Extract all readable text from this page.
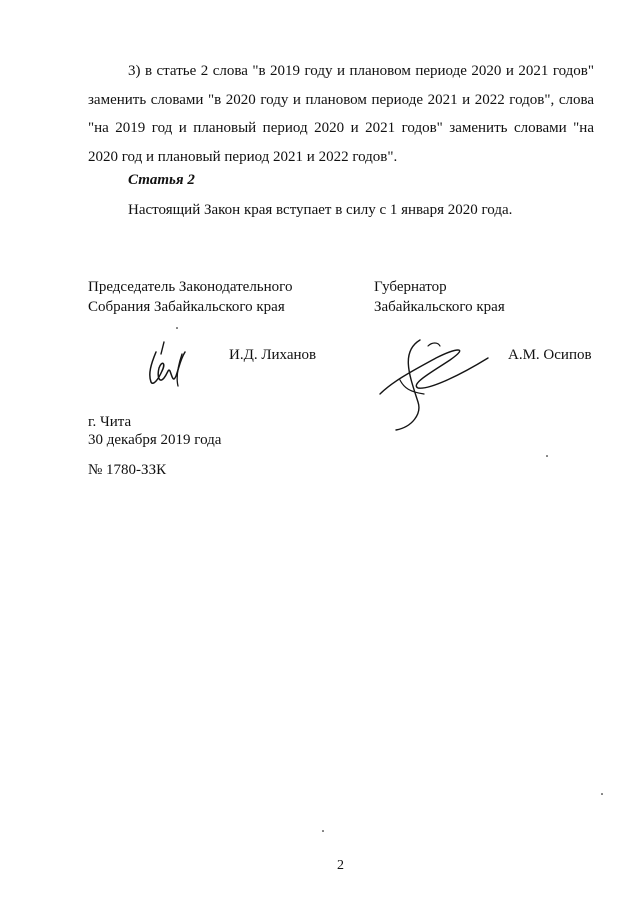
3) в статье 2 слова "в 2019 году и плановом периоде 2020 и 2021 годов" заменить словами "в 2020 году и плановом периоде 2021 и 2022 годов", слова "на 2019 год и плановый период 2020 и 2021 годов" заменить словами "на 2020 год и плановый период 2021 и 2022 годов".

Статья 2

Настоящий Закон края вступает в силу с 1 января 2020 года.

Председатель Законодательного

Собрания Забайкальского края

И.Д. Лиханов

Губернатор

Забайкальского края

А.М. Осипов

г. Чита

30 декабря 2019 года

№ 1780-ЗЗК

2
